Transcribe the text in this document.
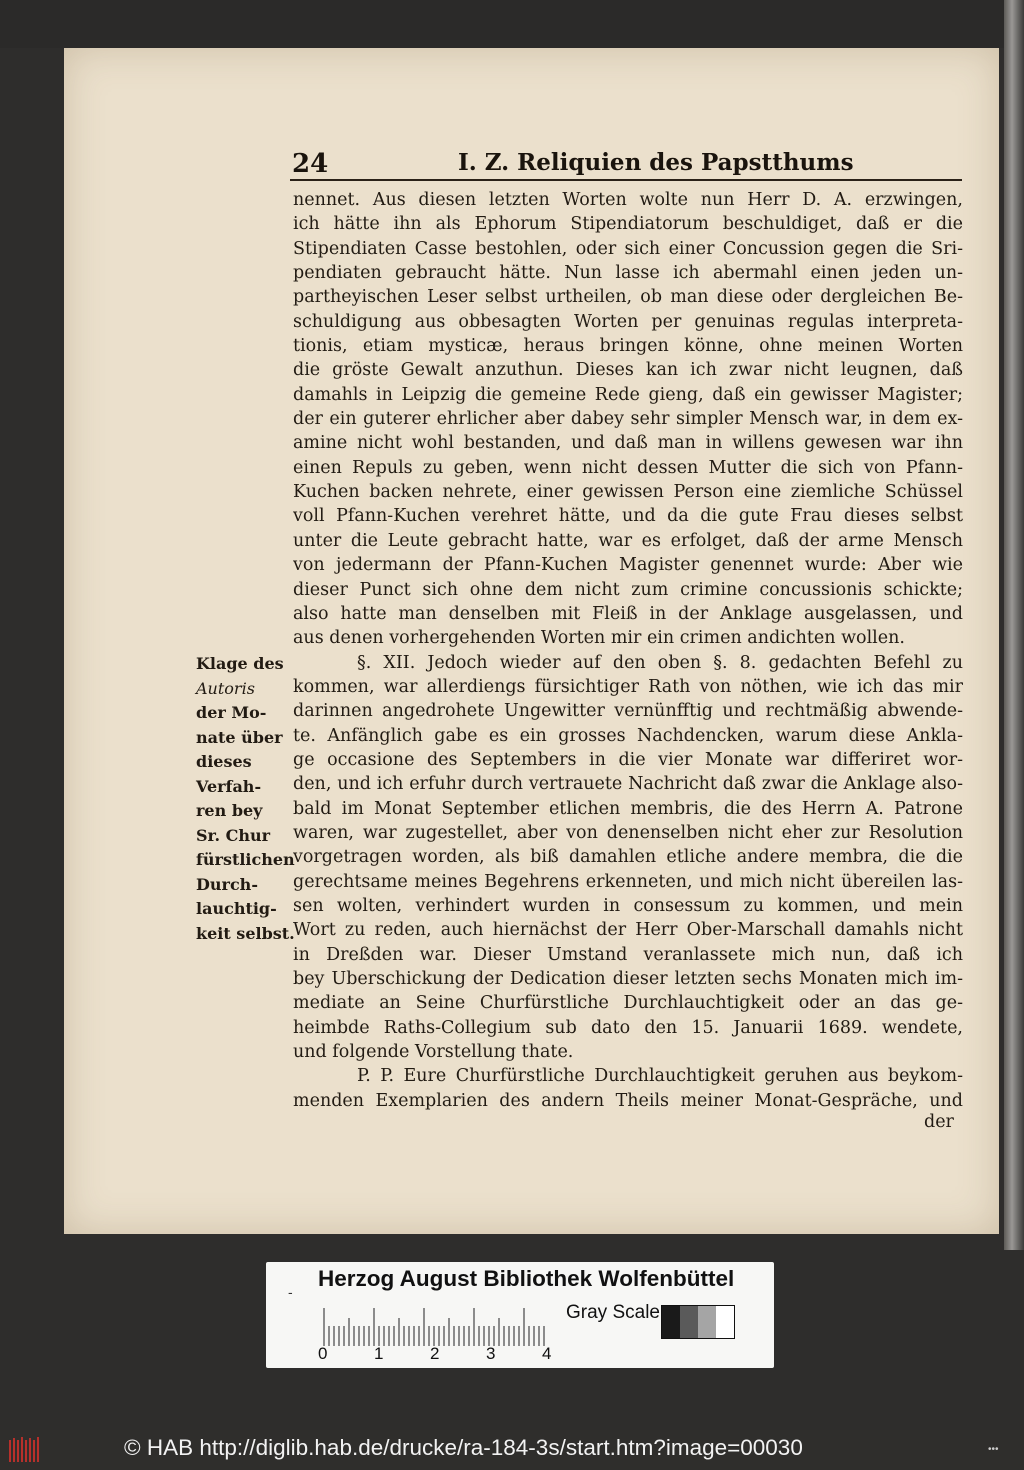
24	I. Z. Reliquien des Papstthums
nennet. Aus diesen letzten Worten wolte nun Herr D. A. erzwingen,
ich hätte ihn als Ephorum Stipendiatorum beschuldiget, daß er die
Stipendiaten Casse bestohlen, oder sich einer Concussion gegen die Sri-
pendiaten gebraucht hätte. Nun lasse ich abermahl einen jeden un-
partheyischen Leser selbst urtheilen, ob man diese oder dergleichen Be-
schuldigung aus obbesagten Worten per genuinas regulas interpreta-
tionis, etiam mysticæ, heraus bringen könne, ohne meinen Worten
die gröste Gewalt anzuthun. Dieses kan ich zwar nicht leugnen, daß
damahls in Leipzig die gemeine Rede gieng, daß ein gewisser Magister;
der ein guterer ehrlicher aber dabey sehr simpler Mensch war, in dem ex-
amine nicht wohl bestanden, und daß man in willens gewesen war ihn
einen Repuls zu geben, wenn nicht dessen Mutter die sich von Pfann-
Kuchen backen nehrete, einer gewissen Person eine ziemliche Schüssel
voll Pfann-Kuchen verehret hätte, und da die gute Frau dieses selbst
unter die Leute gebracht hatte, war es erfolget, daß der arme Mensch
von jedermann der Pfann-Kuchen Magister genennet wurde: Aber wie
dieser Punct sich ohne dem nicht zum crimine concussionis schickte;
also hatte man denselben mit Fleiß in der Anklage ausgelassen, und
aus denen vorhergehenden Worten mir ein crimen andichten wollen.
§. XII. Jedoch wieder auf den oben §. 8. gedachten Befehl zu
kommen, war allerdiengs fürsichtiger Rath von nöthen, wie ich das mir
darinnen angedrohete Ungewitter vernünfftig und rechtmäßig abwende-
te. Anfänglich gabe es ein grosses Nachdencken, warum diese Ankla-
ge occasione des Septembers in die vier Monate war differiret wor-
den, und ich erfuhr durch vertrauete Nachricht daß zwar die Anklage also-
bald im Monat September etlichen membris, die des Herrn A. Patrone
waren, war zugestellet, aber von denenselben nicht eher zur Resolution
vorgetragen worden, als biß damahlen etliche andere membra, die die
gerechtsame meines Begehrens erkenneten, und mich nicht übereilen las-
sen wolten, verhindert wurden in consessum zu kommen, und mein
Wort zu reden, auch hiernächst der Herr Ober-Marschall damahls nicht
in Dreßden war. Dieser Umstand veranlassete mich nun, daß ich
bey Uberschickung der Dedication dieser letzten sechs Monaten mich im-
mediate an Seine Churfürstliche Durchlauchtigkeit oder an das ge-
heimbde Raths-Collegium sub dato den 15. Januarii 1689. wendete,
und folgende Vorstellung thate.
P. P. Eure Churfürstliche Durchlauchtigkeit geruhen aus beykom-
menden Exemplarien des andern Theils meiner Monat-Gespräche, und
Klage des
Autoris
der Mo-
nate über
dieses
Verfah-
ren bey
Sr. Chur
fürstlichen
Durch-
lauchtig-
keit selbst.
der
-
Herzog August Bibliothek Wolfenbüttel
Gray Scale
0	1	2	3	4
© HAB http://diglib.hab.de/drucke/ra-184-3s/start.htm?image=00030	•••
